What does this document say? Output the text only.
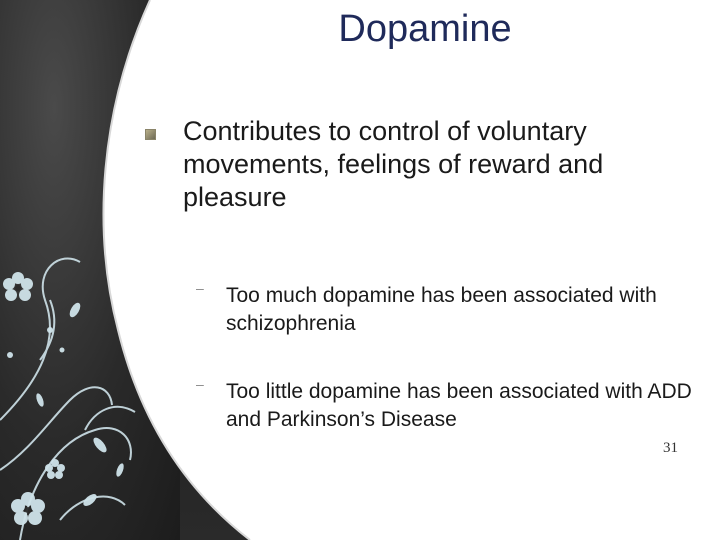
Dopamine
Contributes to control of voluntary movements, feelings of reward and pleasure
‒ Too much dopamine has been associated with schizophrenia
‒ Too little dopamine has been associated with ADD and Parkinson’s Disease
31
